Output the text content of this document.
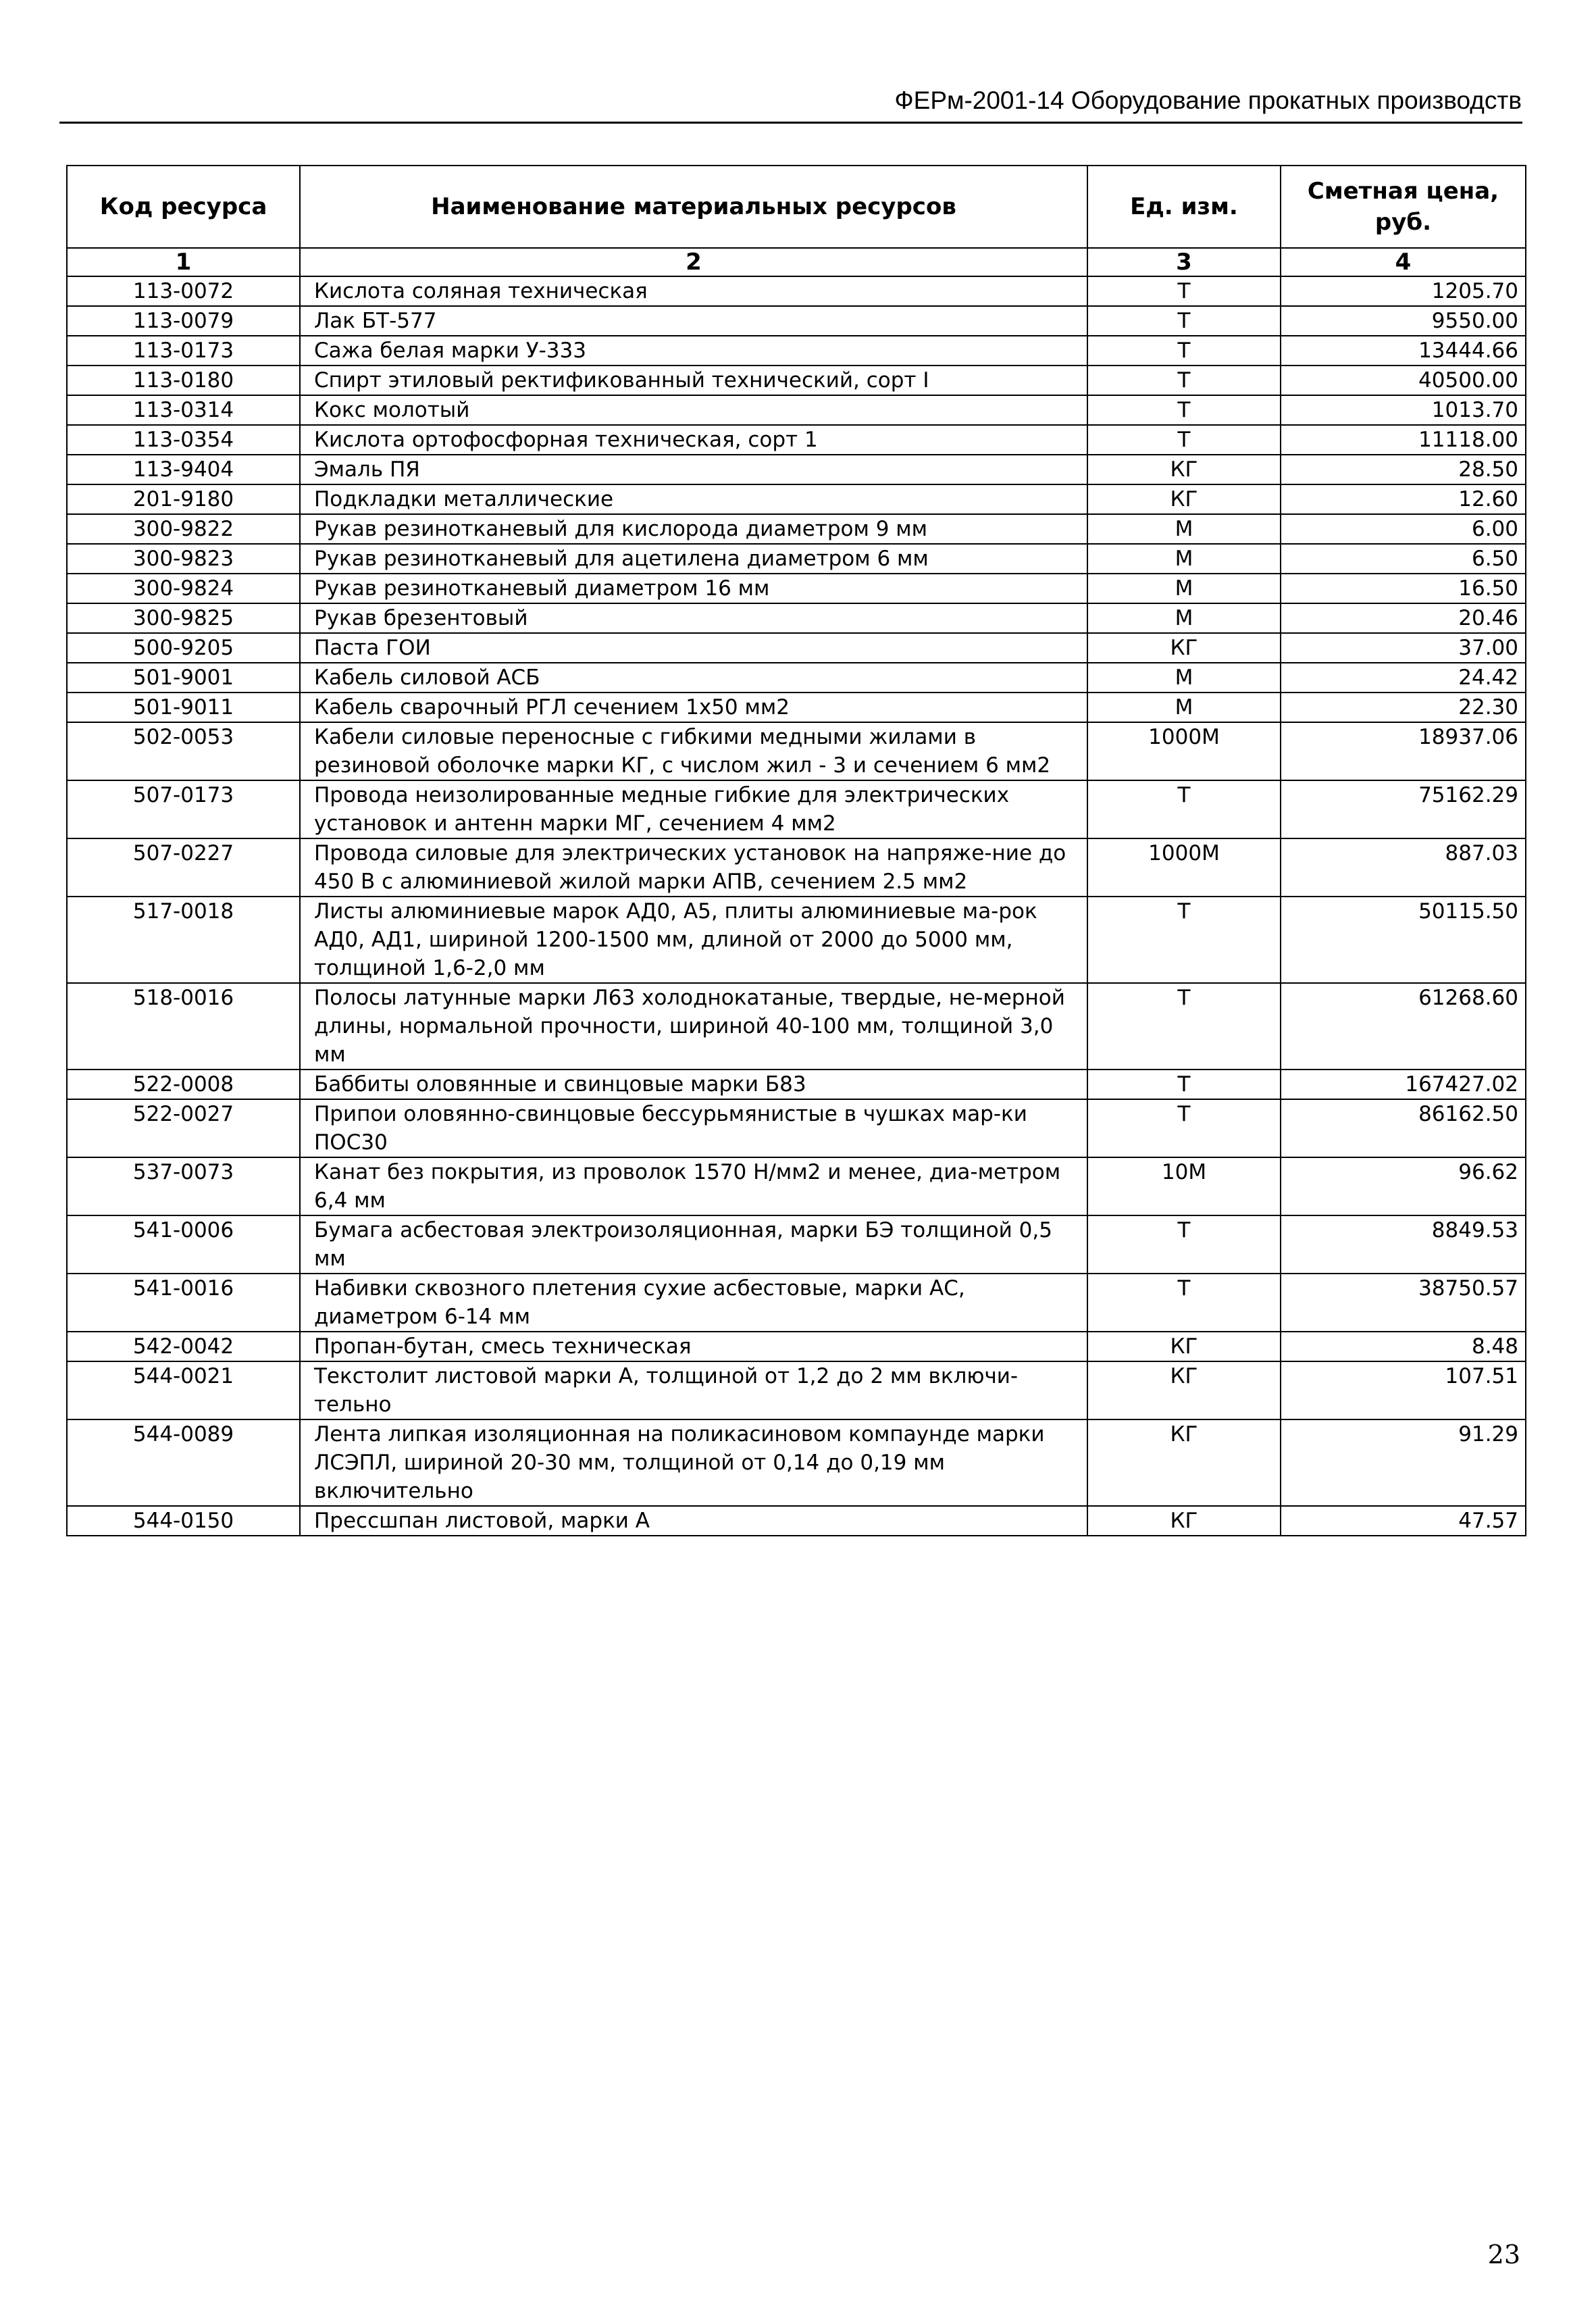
ФЕРм-2001-14 Оборудование прокатных производств
Код ресурса	Наименование материальных ресурсов	Ед. изм.	Сметная цена, руб.
1	2	3	4
113-0072	Кислота соляная техническая	Т	1205.70
113-0079	Лак БТ-577	Т	9550.00
113-0173	Сажа белая марки У-333	Т	13444.66
113-0180	Спирт этиловый ректификованный технический, сорт I	Т	40500.00
113-0314	Кокс молотый	Т	1013.70
113-0354	Кислота ортофосфорная техническая, сорт 1	Т	11118.00
113-9404	Эмаль ПЯ	КГ	28.50
201-9180	Подкладки металлические	КГ	12.60
300-9822	Рукав резинотканевый для кислорода диаметром 9 мм	М	6.00
300-9823	Рукав резинотканевый для ацетилена диаметром 6 мм	М	6.50
300-9824	Рукав резинотканевый диаметром 16 мм	М	16.50
300-9825	Рукав брезентовый	М	20.46
500-9205	Паста ГОИ	КГ	37.00
501-9001	Кабель силовой АСБ	М	24.42
501-9011	Кабель сварочный РГЛ сечением 1х50 мм2	М	22.30
502-0053	Кабели силовые переносные с гибкими медными жилами в резиновой оболочке марки КГ, с числом жил - 3 и сечением 6 мм2	1000М	18937.06
507-0173	Провода неизолированные медные гибкие для электрических установок и антенн марки МГ, сечением 4 мм2	Т	75162.29
507-0227	Провода силовые для электрических установок на напряже-ние до 450 В с алюминиевой жилой марки АПВ, сечением 2.5 мм2	1000М	887.03
517-0018	Листы алюминиевые марок АД0, А5, плиты алюминиевые ма-рок АД0, АД1, шириной 1200-1500 мм, длиной от 2000 до 5000 мм, толщиной 1,6-2,0 мм	Т	50115.50
518-0016	Полосы латунные марки Л63 холоднокатаные, твердые, не-мерной длины, нормальной прочности, шириной 40-100 мм, толщиной 3,0 мм	Т	61268.60
522-0008	Баббиты оловянные и свинцовые марки Б83	Т	167427.02
522-0027	Припои оловянно-свинцовые бессурьмянистые в чушках мар-ки ПОС30	Т	86162.50
537-0073	Канат без покрытия, из проволок 1570 Н/мм2 и менее, диа-метром 6,4 мм	10М	96.62
541-0006	Бумага асбестовая электроизоляционная, марки БЭ толщиной 0,5 мм	Т	8849.53
541-0016	Набивки сквозного плетения сухие асбестовые, марки АС, диаметром 6-14 мм	Т	38750.57
542-0042	Пропан-бутан, смесь техническая	КГ	8.48
544-0021	Текстолит листовой марки А, толщиной от 1,2 до 2 мм включи-тельно	КГ	107.51
544-0089	Лента липкая изоляционная на поликасиновом компаунде марки ЛСЭПЛ, шириной 20-30 мм, толщиной от 0,14 до 0,19 мм включительно	КГ	91.29
544-0150	Прессшпан листовой, марки А	КГ	47.57
23
